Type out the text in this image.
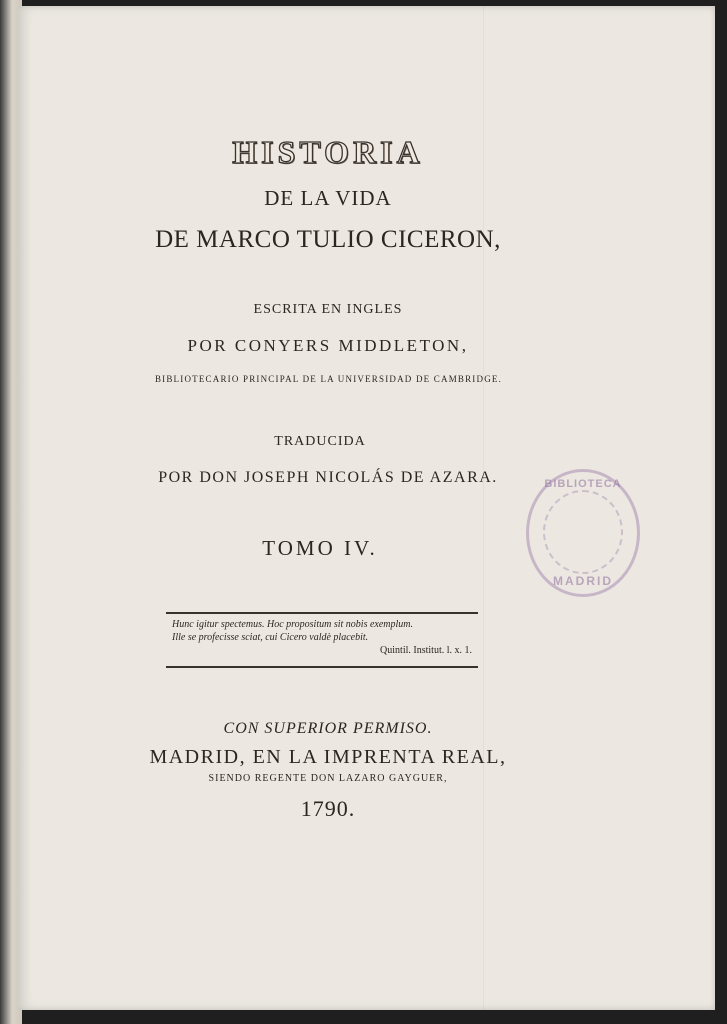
HISTORIA
DE LA VIDA
DE MARCO TULIO CICERON,
ESCRITA EN INGLES
POR CONYERS MIDDLETON,
BIBLIOTECARIO PRINCIPAL DE LA UNIVERSIDAD DE CAMBRIDGE.
TRADUCIDA
POR DON JOSEPH NICOLÁS DE AZARA.
TOMO IV.
Hunc igitur spectemus. Hoc propositum sit nobis exemplum.
Ille se profecisse sciat, cui Cicero valdè placebit.
Quintil. Institut. l. x. 1.
CON SUPERIOR PERMISO.
MADRID, EN LA IMPRENTA REAL,
SIENDO REGENTE DON LAZARO GAYGUER,
1790.
BIBLIOTECA
MADRID
